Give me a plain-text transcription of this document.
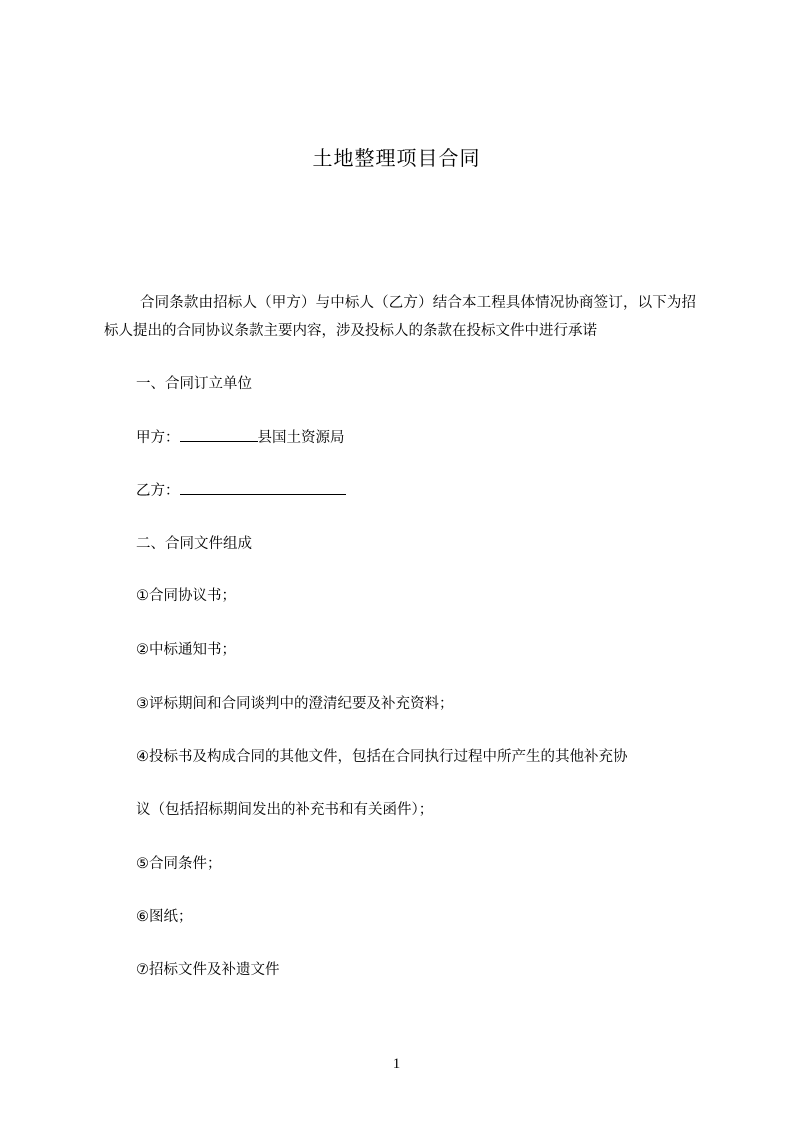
土地整理项目合同
合同条款由招标人（甲方）与中标人（乙方）结合本工程具体情况协商签订，以下为招标人提出的合同协议条款主要内容，涉及投标人的条款在投标文件中进行承诺
一、合同订立单位
甲方：	县国土资源局
乙方：
二、合同文件组成
①合同协议书；
②中标通知书；
③评标期间和合同谈判中的澄清纪要及补充资料；
④投标书及构成合同的其他文件，包括在合同执行过程中所产生的其他补充协
议（包括招标期间发出的补充书和有关函件）；
⑤合同条件；
⑥图纸；
⑦招标文件及补遗文件
1
